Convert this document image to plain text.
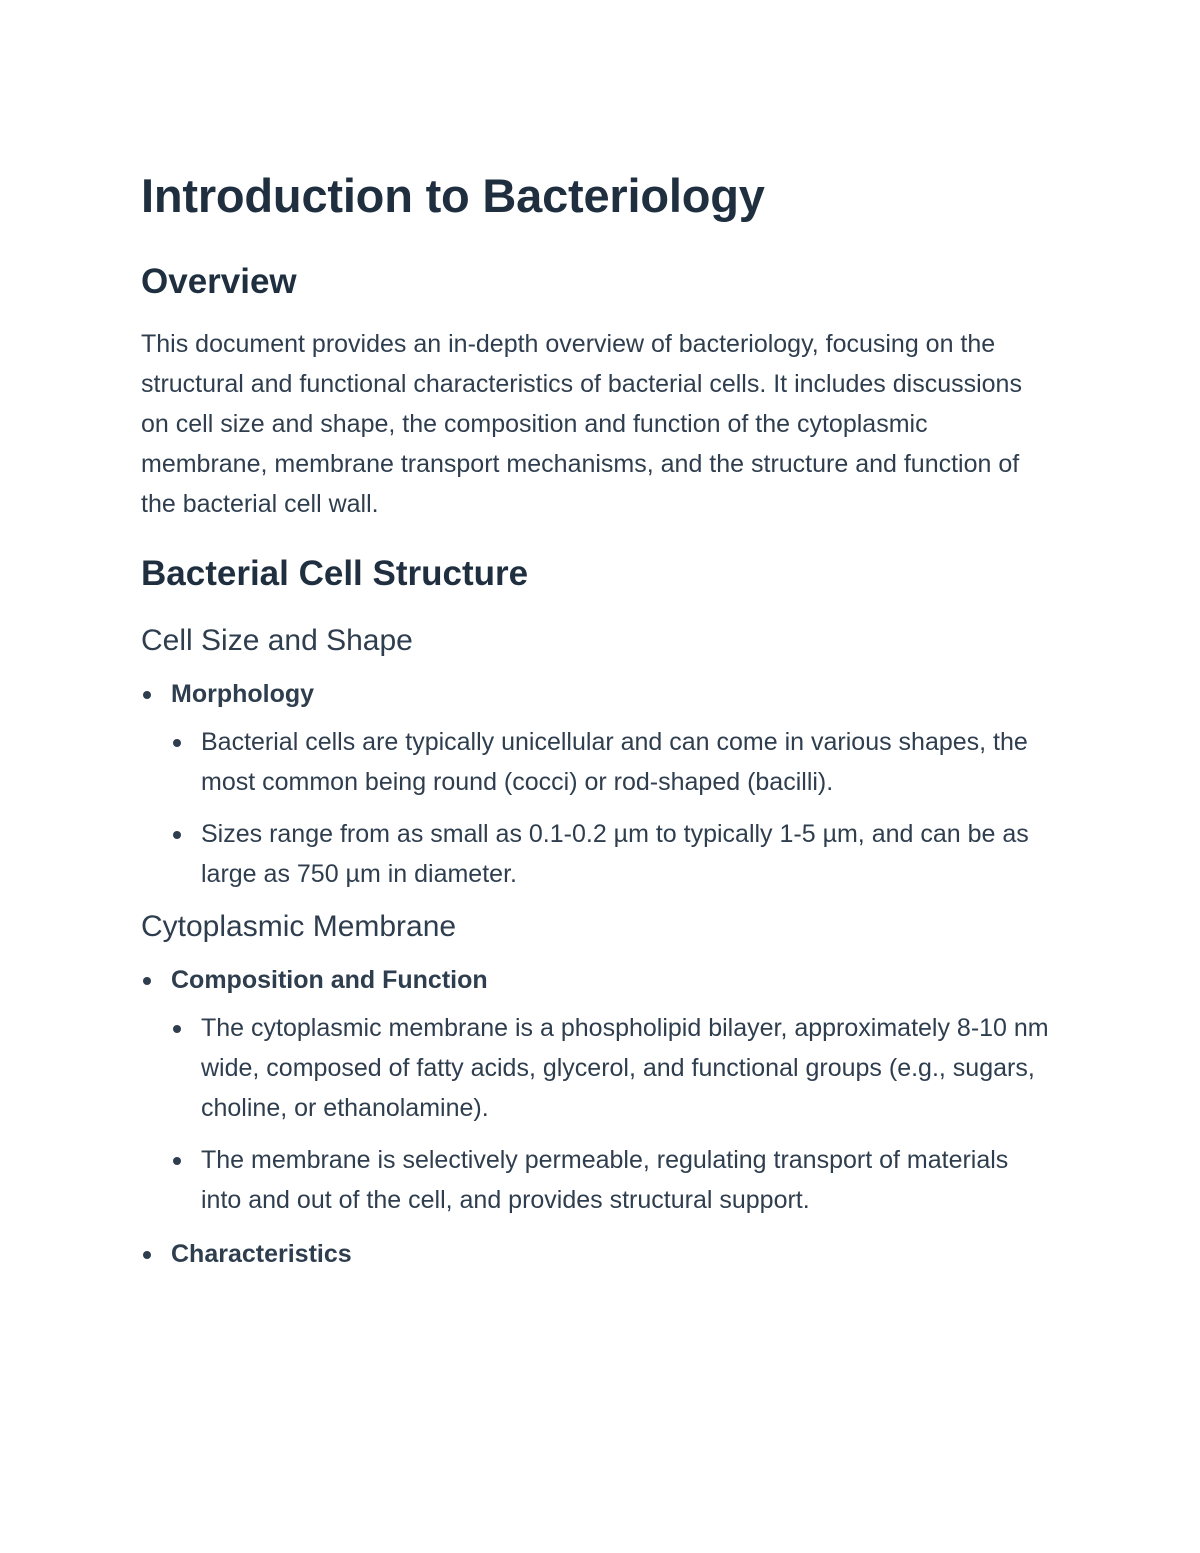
Introduction to Bacteriology
Overview

This document provides an in-depth overview of bacteriology, focusing on the structural and functional characteristics of bacterial cells. It includes discussions on cell size and shape, the composition and function of the cytoplasmic membrane, membrane transport mechanisms, and the structure and function of the bacterial cell wall.

Bacterial Cell Structure
Cell Size and Shape
Morphology
Bacterial cells are typically unicellular and can come in various shapes, the most common being round (cocci) or rod-shaped (bacilli).
Sizes range from as small as 0.1-0.2 µm to typically 1-5 µm, and can be as large as 750 µm in diameter.
Cytoplasmic Membrane
Composition and Function
The cytoplasmic membrane is a phospholipid bilayer, approximately 8-10 nm wide, composed of fatty acids, glycerol, and functional groups (e.g., sugars, choline, or ethanolamine).
The membrane is selectively permeable, regulating transport of materials into and out of the cell, and provides structural support.
Characteristics
